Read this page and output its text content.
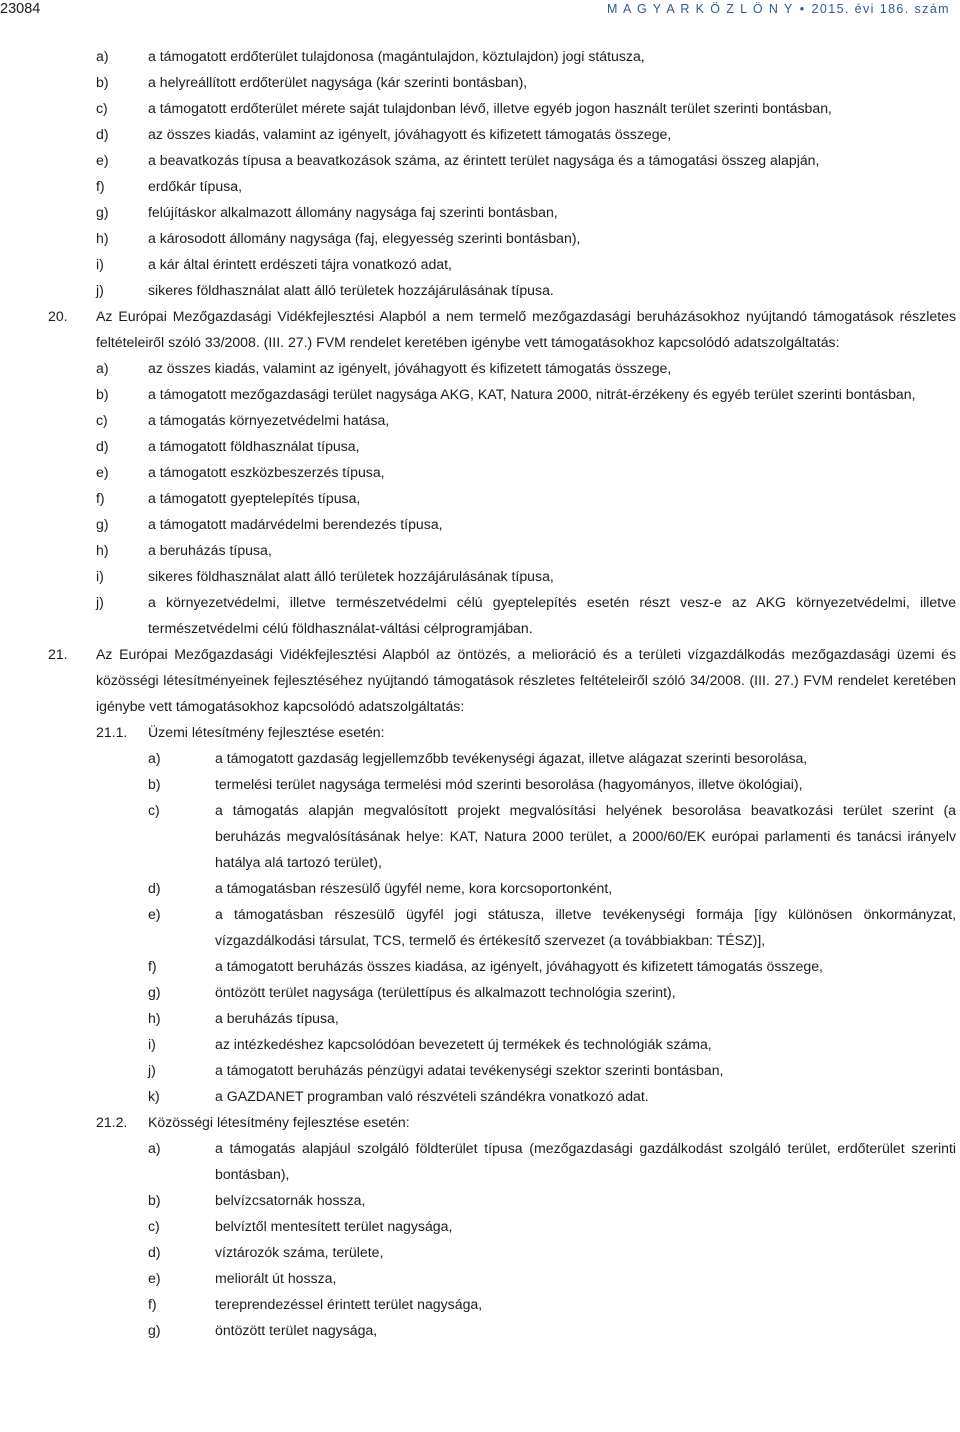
23084	M A G Y A R K Ö Z L Ö N Y • 2015. évi 186. szám
a)	a támogatott erdőterület tulajdonosa (magántulajdon, köztulajdon) jogi státusza,
b)	a helyreállított erdőterület nagysága (kár szerinti bontásban),
c)	a támogatott erdőterület mérete saját tulajdonban lévő, illetve egyéb jogon használt terület szerinti bontásban,
d)	az összes kiadás, valamint az igényelt, jóváhagyott és kifizetett támogatás összege,
e)	a beavatkozás típusa a beavatkozások száma, az érintett terület nagysága és a támogatási összeg alapján,
f)	erdőkár típusa,
g)	felújításkor alkalmazott állomány nagysága faj szerinti bontásban,
h)	a károsodott állomány nagysága (faj, elegyesség szerinti bontásban),
i)	a kár által érintett erdészeti tájra vonatkozó adat,
j)	sikeres földhasználat alatt álló területek hozzájárulásának típusa.
20. Az Európai Mezőgazdasági Vidékfejlesztési Alapból a nem termelő mezőgazdasági beruházásokhoz nyújtandó támogatások részletes feltételeiről szóló 33/2008. (III. 27.) FVM rendelet keretében igénybe vett támogatásokhoz kapcsolódó adatszolgáltatás:
a)	az összes kiadás, valamint az igényelt, jóváhagyott és kifizetett támogatás összege,
b)	a támogatott mezőgazdasági terület nagysága AKG, KAT, Natura 2000, nitrát-érzékeny és egyéb terület szerinti bontásban,
c)	a támogatás környezetvédelmi hatása,
d)	a támogatott földhasználat típusa,
e)	a támogatott eszközbeszerzés típusa,
f)	a támogatott gyeptelepítés típusa,
g)	a támogatott madárvédelmi berendezés típusa,
h)	a beruházás típusa,
i)	sikeres földhasználat alatt álló területek hozzájárulásának típusa,
j)	a környezetvédelmi, illetve természetvédelmi célú gyeptelepítés esetén részt vesz-e az AKG környezetvédelmi, illetve természetvédelmi célú földhasználat-váltási célprogramjában.
21. Az Európai Mezőgazdasági Vidékfejlesztési Alapból az öntözés, a melioráció és a területi vízgazdálkodás mezőgazdasági üzemi és közösségi létesítményeinek fejlesztéséhez nyújtandó támogatások részletes feltételeiről szóló 34/2008. (III. 27.) FVM rendelet keretében igénybe vett támogatásokhoz kapcsolódó adatszolgáltatás:
21.1. Üzemi létesítmény fejlesztése esetén:
a)	a támogatott gazdaság legjellemzőbb tevékenységi ágazat, illetve alágazat szerinti besorolása,
b)	termelési terület nagysága termelési mód szerinti besorolása (hagyományos, illetve ökológiai),
c)	a támogatás alapján megvalósított projekt megvalósítási helyének besorolása beavatkozási terület szerint (a beruházás megvalósításának helye: KAT, Natura 2000 terület, a 2000/60/EK európai parlamenti és tanácsi irányelv hatálya alá tartozó terület),
d)	a támogatásban részesülő ügyfél neme, kora korcsoportonként,
e)	a támogatásban részesülő ügyfél jogi státusza, illetve tevékenységi formája [így különösen önkormányzat, vízgazdálkodási társulat, TCS, termelő és értékesítő szervezet (a továbbiakban: TÉSZ)],
f)	a támogatott beruházás összes kiadása, az igényelt, jóváhagyott és kifizetett támogatás összege,
g)	öntözött terület nagysága (területtípus és alkalmazott technológia szerint),
h)	a beruházás típusa,
i)	az intézkedéshez kapcsolódóan bevezetett új termékek és technológiák száma,
j)	a támogatott beruházás pénzügyi adatai tevékenységi szektor szerinti bontásban,
k)	a GAZDANET programban való részvételi szándékra vonatkozó adat.
21.2. Közösségi létesítmény fejlesztése esetén:
a)	a támogatás alapjául szolgáló földterület típusa (mezőgazdasági gazdálkodást szolgáló terület, erdőterület szerinti bontásban),
b)	belvízcsatornák hossza,
c)	belvíztől mentesített terület nagysága,
d)	víztározók száma, területe,
e)	meliorált út hossza,
f)	tereprendezéssel érintett terület nagysága,
g)	öntözött terület nagysága,
